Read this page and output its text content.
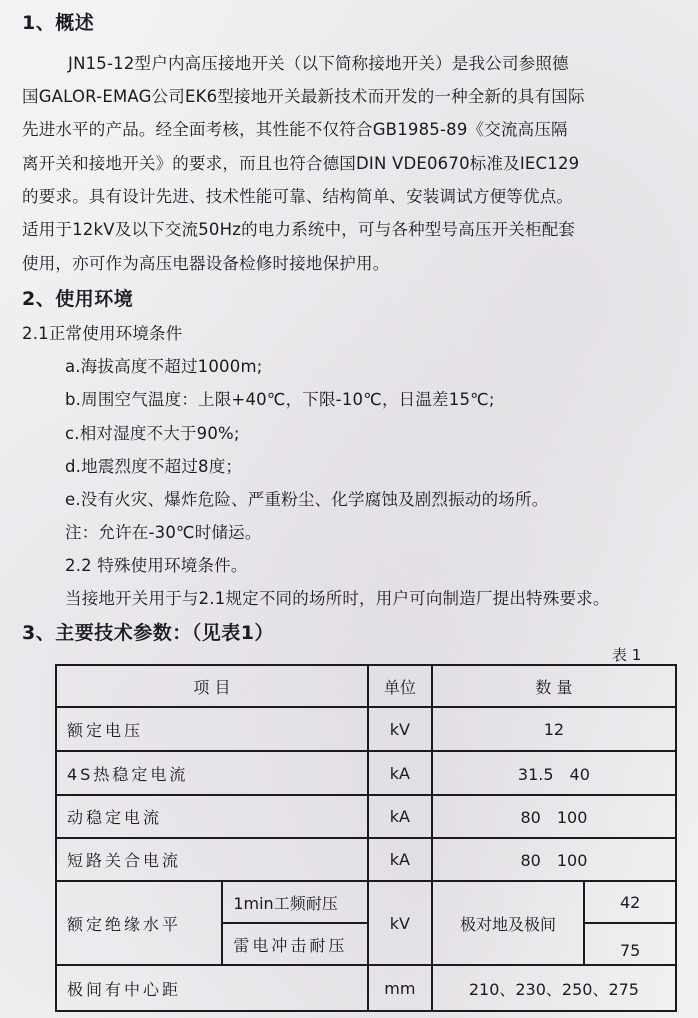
1、概述
JN15-12型户内高压接地开关（以下简称接地开关）是我公司参照德
国GALOR-EMAG公司EK6型接地开关最新技术而开发的一种全新的具有国际
先进水平的产品。经全面考核，其性能不仅符合GB1985-89《交流高压隔
离开关和接地开关》的要求，而且也符合德国DIN VDE0670标准及IEC129
的要求。具有设计先进、技术性能可靠、结构简单、安装调试方便等优点。
适用于12kV及以下交流50Hz的电力系统中，可与各种型号高压开关柜配套
使用，亦可作为高压电器设备检修时接地保护用。
2、使用环境
2.1正常使用环境条件
a.海拔高度不超过1000m;
b.周围空气温度：上限+40℃，下限-10℃，日温差15℃;
c.相对湿度不大于90%;
d.地震烈度不超过8度；
e.没有火灾、爆炸危险、严重粉尘、化学腐蚀及剧烈振动的场所。
注：允许在-30℃时储运。
2.2 特殊使用环境条件。
当接地开关用于与2.1规定不同的场所时，用户可向制造厂提出特殊要求。
3、主要技术参数：（见表1）
表 1
项 目		单位	数 量	
额定电压		kV	12	
4S热稳定电流		kA	31.5　40	
动稳定电流		kA	80　100	
短路关合电流		kA	80　100	
额定绝缘水平	1min工频耐压	kV	极对地及极间	42
	雷电冲击耐压			75
极间有中心距		mm	210、230、250、275	
